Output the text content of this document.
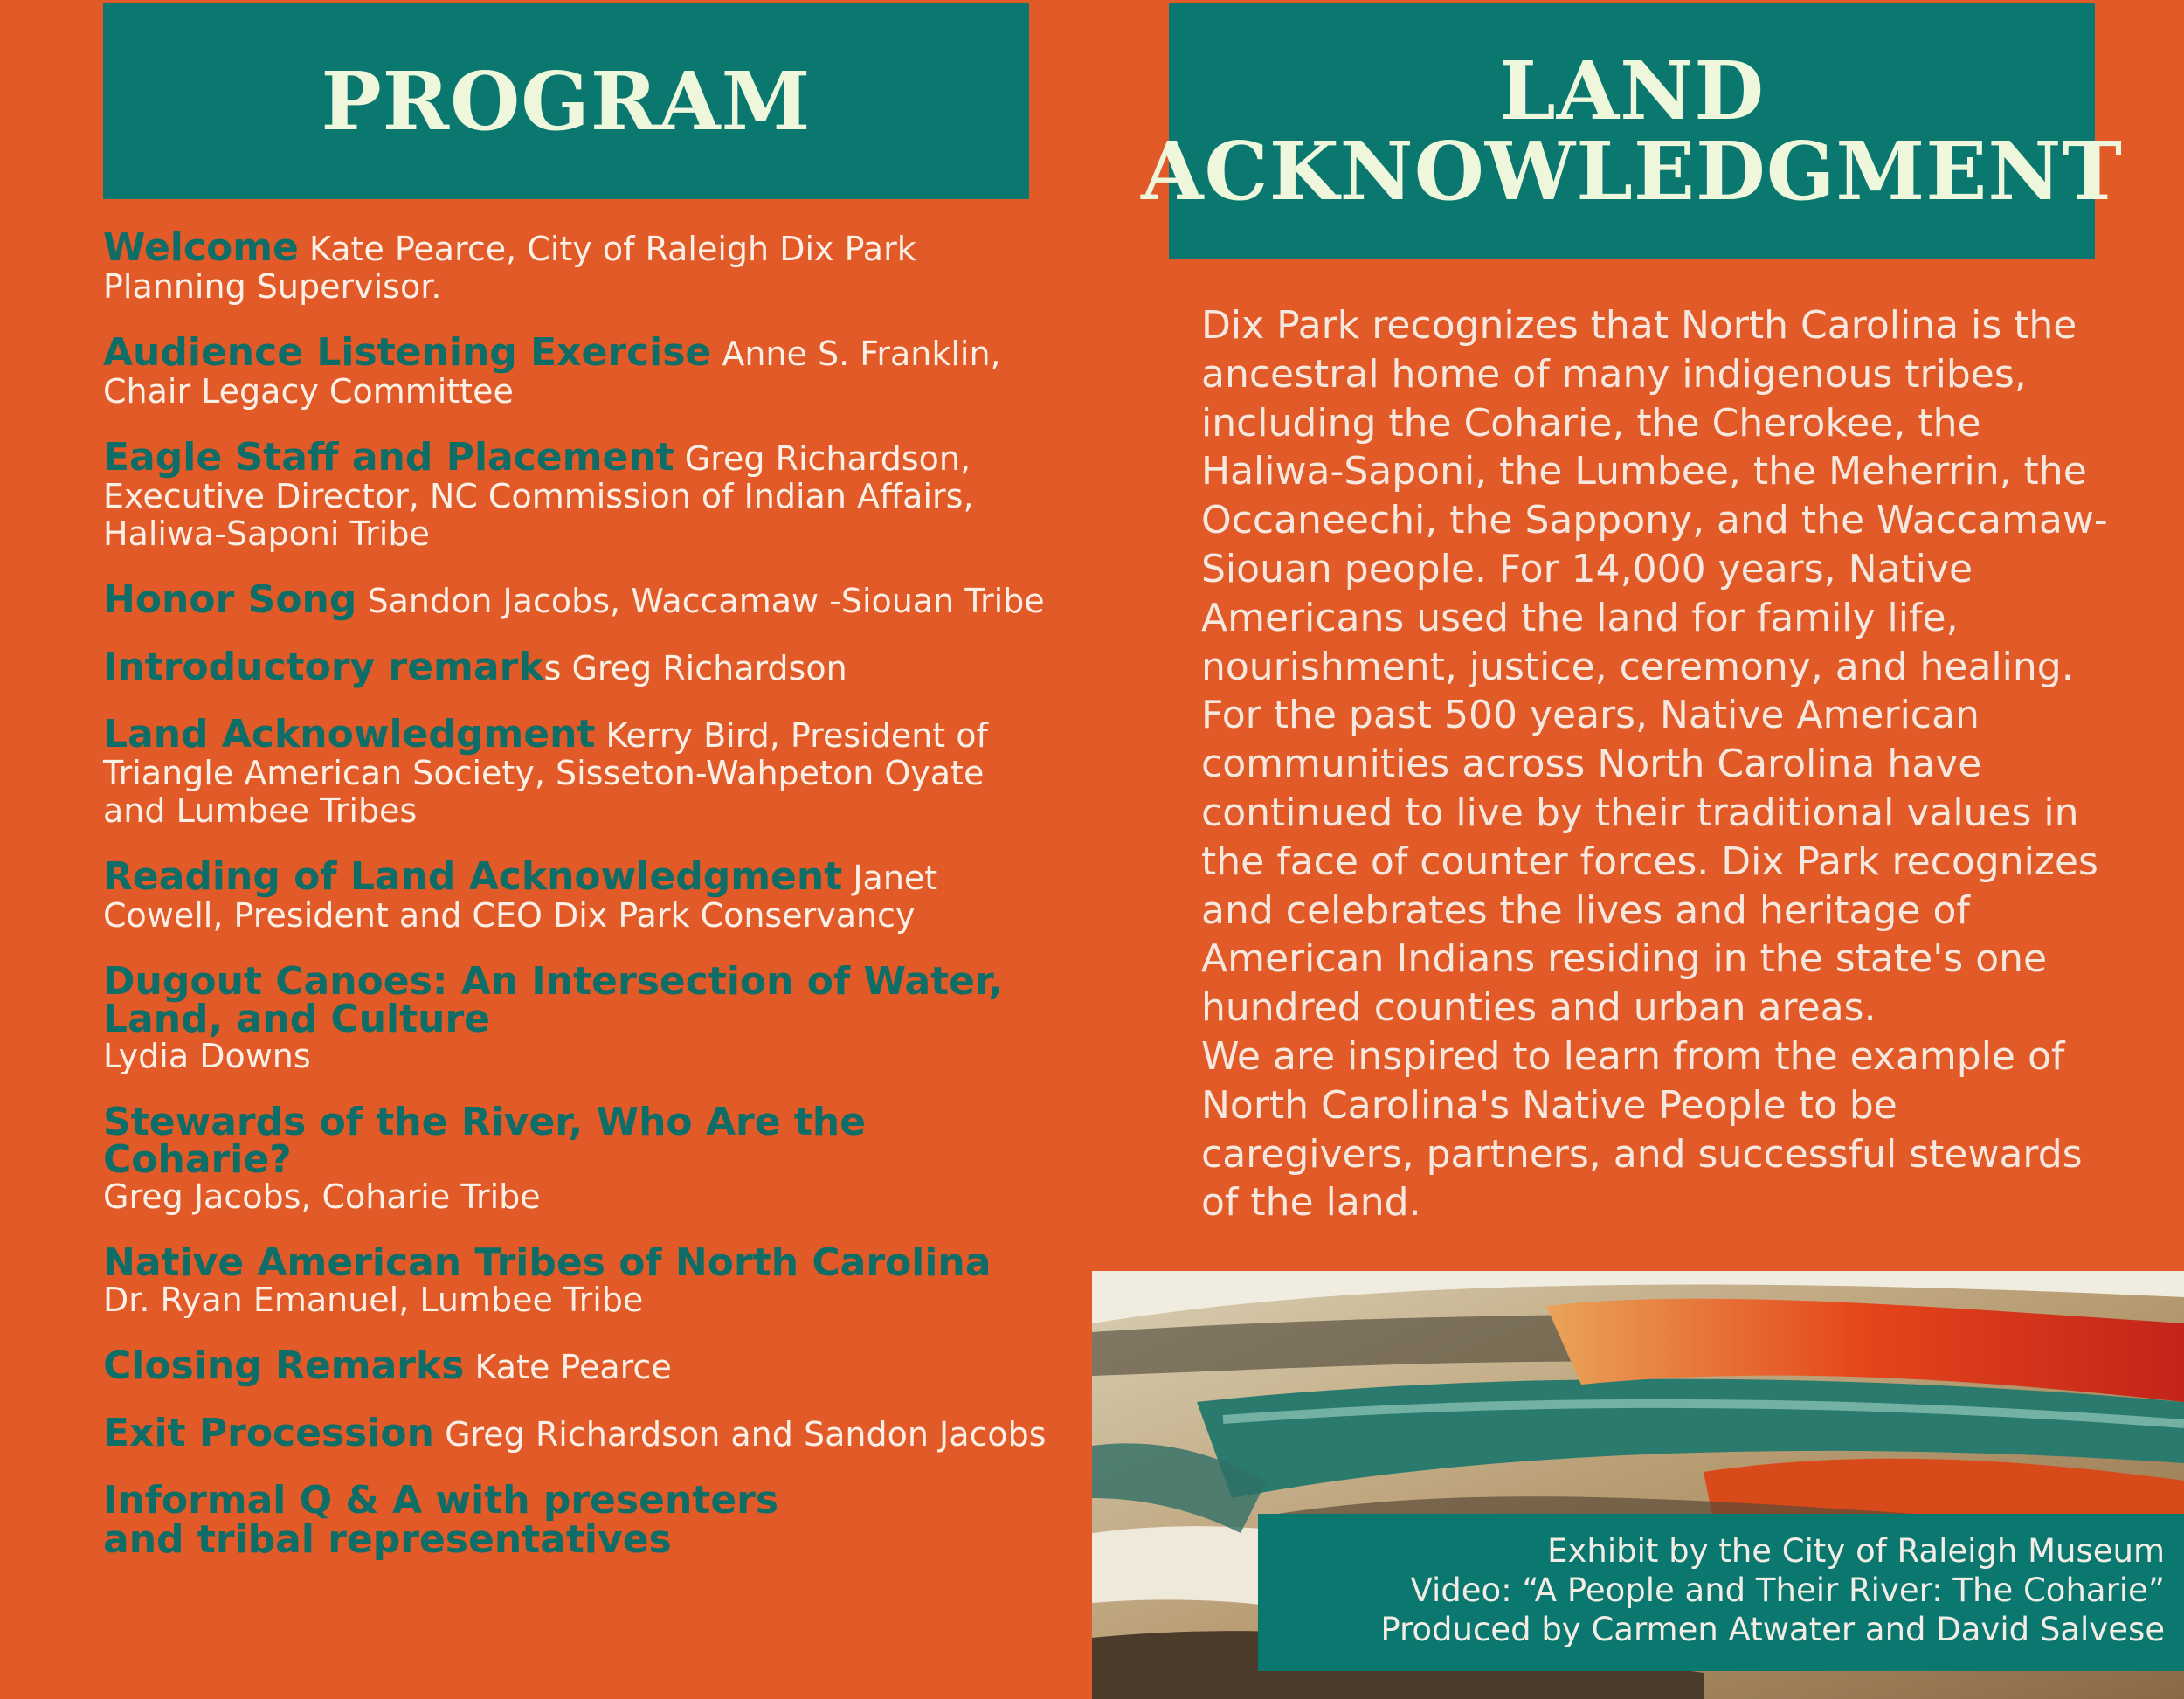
PROGRAM
Welcome Kate Pearce, City of Raleigh Dix Park Planning Supervisor.
Audience Listening Exercise Anne S. Franklin, Chair Legacy Committee
Eagle Staff and Placement Greg Richardson, Executive Director, NC Commission of Indian Affairs, Haliwa-Saponi Tribe
Honor Song Sandon Jacobs, Waccamaw -Siouan Tribe
Introductory remarks Greg Richardson
Land Acknowledgment Kerry Bird, President of Triangle American Society, Sisseton-Wahpeton Oyate and Lumbee Tribes
Reading of Land Acknowledgment Janet Cowell, President and CEO Dix Park Conservancy
Dugout Canoes: An Intersection of Water, Land, and Culture
Lydia Downs
Stewards of the River, Who Are the Coharie?
Greg Jacobs, Coharie Tribe
Native American Tribes of North Carolina
Dr. Ryan Emanuel, Lumbee Tribe
Closing Remarks Kate Pearce
Exit Procession Greg Richardson and Sandon Jacobs
Informal Q & A with presenters and tribal representatives
LAND
ACKNOWLEDGMENT

Dix Park recognizes that North Carolina is the ancestral home of many indigenous tribes, including the Coharie, the Cherokee, the Haliwa-Saponi, the Lumbee, the Meherrin, the Occaneechi, the Sappony, and the Waccamaw-Siouan people. For 14,000 years, Native Americans used the land for family life, nourishment, justice, ceremony, and healing. For the past 500 years, Native American communities across North Carolina have continued to live by their traditional values in the face of counter forces. Dix Park recognizes and celebrates the lives and heritage of American Indians residing in the state's one hundred counties and urban areas.

We are inspired to learn from the example of North Carolina's Native People to be caregivers, partners, and successful stewards of the land.

Exhibit by the City of Raleigh Museum
Video: “A People and Their River: The Coharie”
Produced by Carmen Atwater and David Salvese
